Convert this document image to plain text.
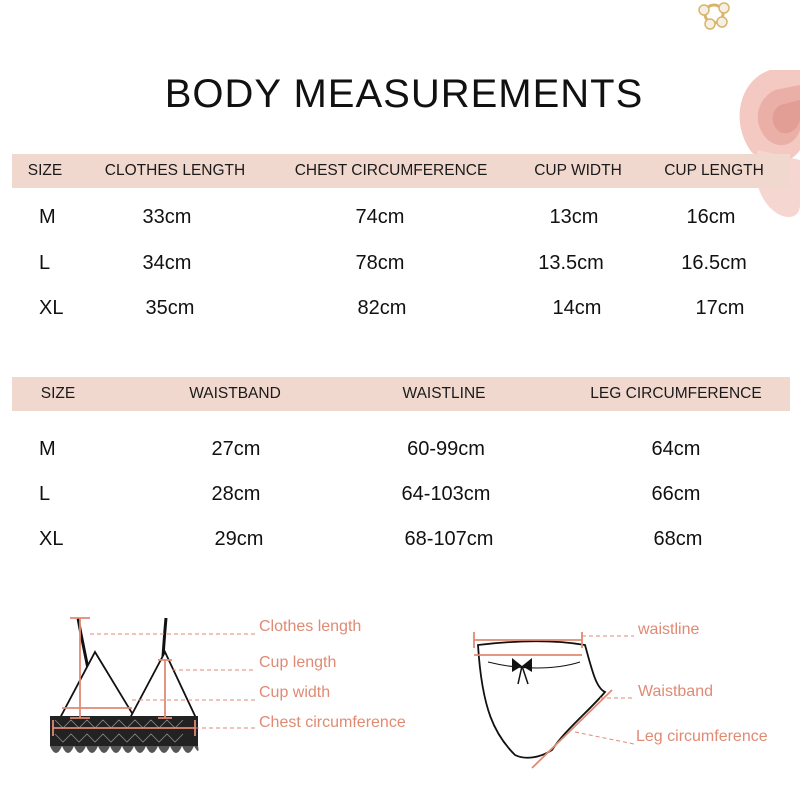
BODY MEASUREMENTS
SIZE	CLOTHES LENGTH	CHEST CIRCUMFERENCE	CUP WIDTH	CUP LENGTH
M	33cm	74cm	13cm	16cm
L	34cm	78cm	13.5cm	16.5cm
XL	35cm	82cm	14cm	17cm
SIZE	WAISTBAND	WAISTLINE	LEG CIRCUMFERENCE
M	27cm	60-99cm	64cm
L	28cm	64-103cm	66cm
XL	29cm	68-107cm	68cm
Clothes length
Cup length
Cup width
Chest circumference
waistline
Waistband
Leg circumference
